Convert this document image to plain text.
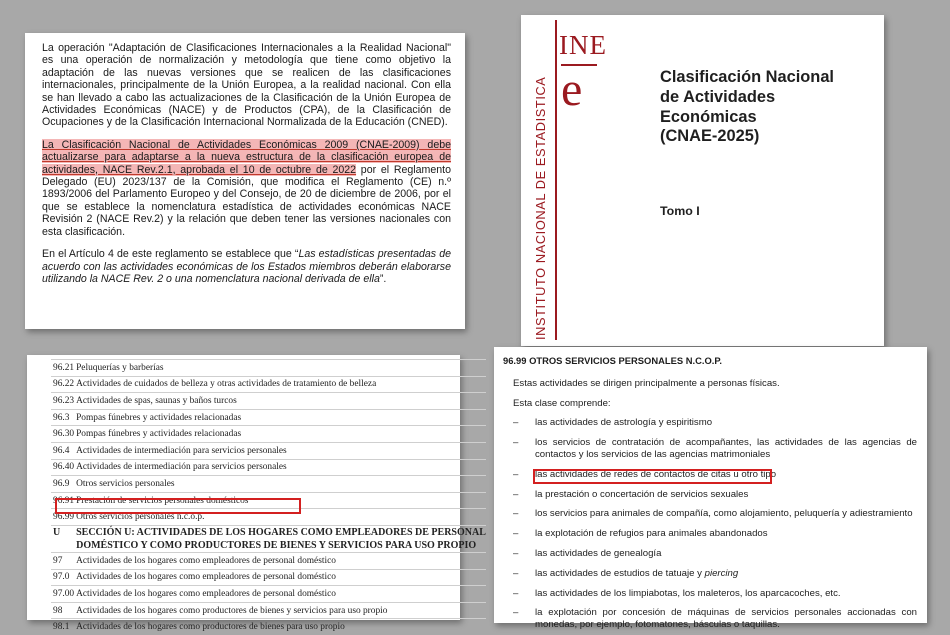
La operación "Adaptación de Clasificaciones Internacionales a la Realidad Nacional" es una operación de normalización y metodología que tiene como objetivo la adaptación de las nuevas versiones que se realicen de las clasificaciones internacionales, principalmente de la Unión Europea, a la realidad nacional. Con ella se han llevado a cabo las actualizaciones de la Clasificación de la Unión Europea de Actividades Económicas (NACE) y de Productos (CPA), de la Clasificación de Ocupaciones y de la Clasificación Internacional Normalizada de la Educación (CNED).

La Clasificación Nacional de Actividades Económicas 2009 (CNAE-2009) debe actualizarse para adaptarse a la nueva estructura de la clasificación europea de actividades, NACE Rev.2.1, aprobada el 10 de octubre de 2022 por el Reglamento Delegado (EU) 2023/137 de la Comisión, que modifica el Reglamento (CE) n.º 1893/2006 del Parlamento Europeo y del Consejo, de 20 de diciembre de 2006, por el que se establece la nomenclatura estadística de actividades económicas NACE Revisión 2 (NACE Rev.2) y la relación que deben tener las versiones nacionales con esta clasificación.

En el Artículo 4 de este reglamento se establece que “Las estadísticas presentadas de acuerdo con las actividades económicas de los Estados miembros deberán elaborarse utilizando la NACE Rev. 2 o una nomenclatura nacional derivada de ella”.

INE
e
INSTITUTO NACIONAL DE ESTADISTICA	Clasificación Nacional
de Actividades
Económicas
(CNAE-2025)
Tomo I
96.21	Peluquerías y barberías
96.22	Actividades de cuidados de belleza y otras actividades de tratamiento de belleza
96.23	Actividades de spas, saunas y baños turcos
96.3	Pompas fúnebres y actividades relacionadas
96.30	Pompas fúnebres y actividades relacionadas
96.4	Actividades de intermediación para servicios personales
96.40	Actividades de intermediación para servicios personales
96.9	Otros servicios personales
96.91	Prestación de servicios personales domésticos
96.99	Otros servicios personales n.c.o.p.
U	SECCIÓN U: ACTIVIDADES DE LOS HOGARES COMO EMPLEADORES DE PERSONAL
	DOMÉSTICO Y COMO PRODUCTORES DE BIENES Y SERVICIOS PARA USO PROPIO
97	Actividades de los hogares como empleadores de personal doméstico
97.0	Actividades de los hogares como empleadores de personal doméstico
97.00	Actividades de los hogares como empleadores de personal doméstico
98	Actividades de los hogares como productores de bienes y servicios para uso propio
98.1	Actividades de los hogares como productores de bienes para uso propio
96.99 OTROS SERVICIOS PERSONALES N.C.O.P.
Estas actividades se dirigen principalmente a personas físicas.
Esta clase comprende:
– las actividades de astrología y espiritismo
– los servicios de contratación de acompañantes, las actividades de las agencias de contactos y los servicios de las agencias matrimoniales
– las actividades de redes de contactos de citas u otro tipo
– la prestación o concertación de servicios sexuales
– los servicios para animales de compañía, como alojamiento, peluquería y adiestramiento
– la explotación de refugios para animales abandonados
– las actividades de genealogía
– las actividades de estudios de tatuaje y piercing
– las actividades de los limpiabotas, los maleteros, los aparcacoches, etc.
– la explotación por concesión de máquinas de servicios personales accionadas con monedas, por ejemplo, fotomatones, básculas o taquillas.
